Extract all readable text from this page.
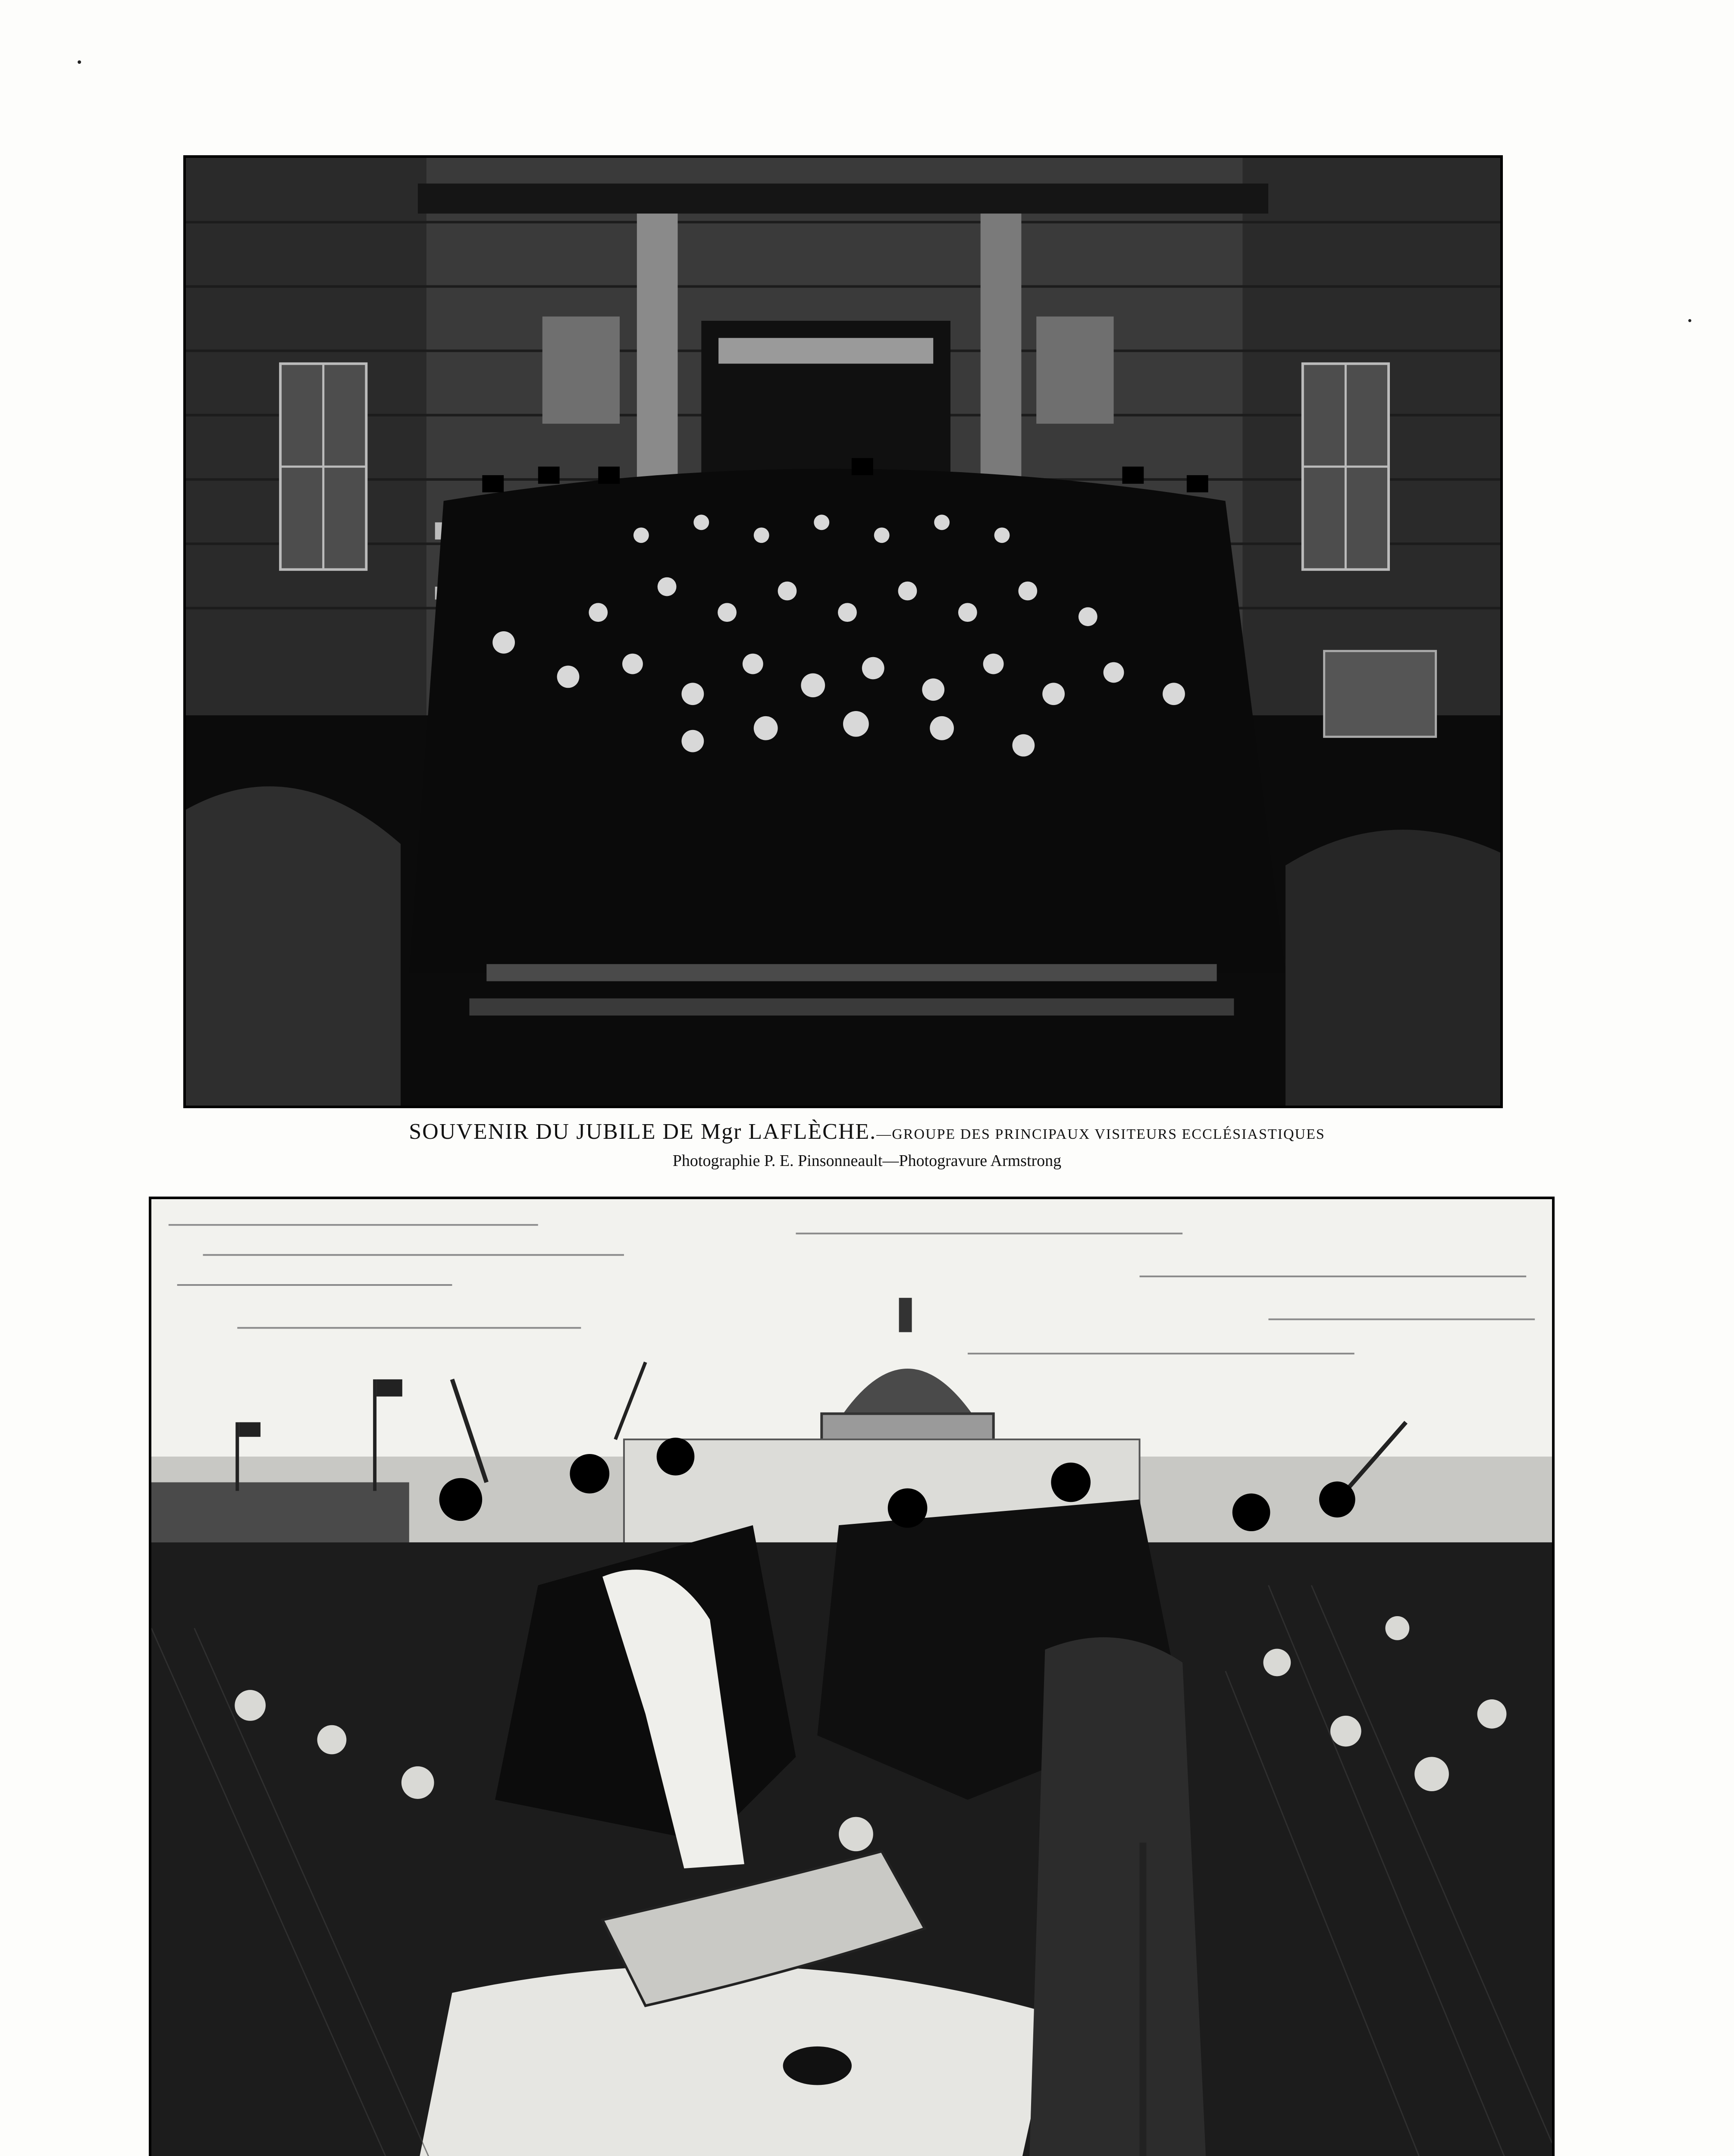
SOUVENIR DU JUBILE DE Mgr LAFLÈCHE.—GROUPE DES PRINCIPAUX VISITEURS ECCLÉSIASTIQUES
Photographie P. E. Pinsonneault—Photogravure Armstrong
